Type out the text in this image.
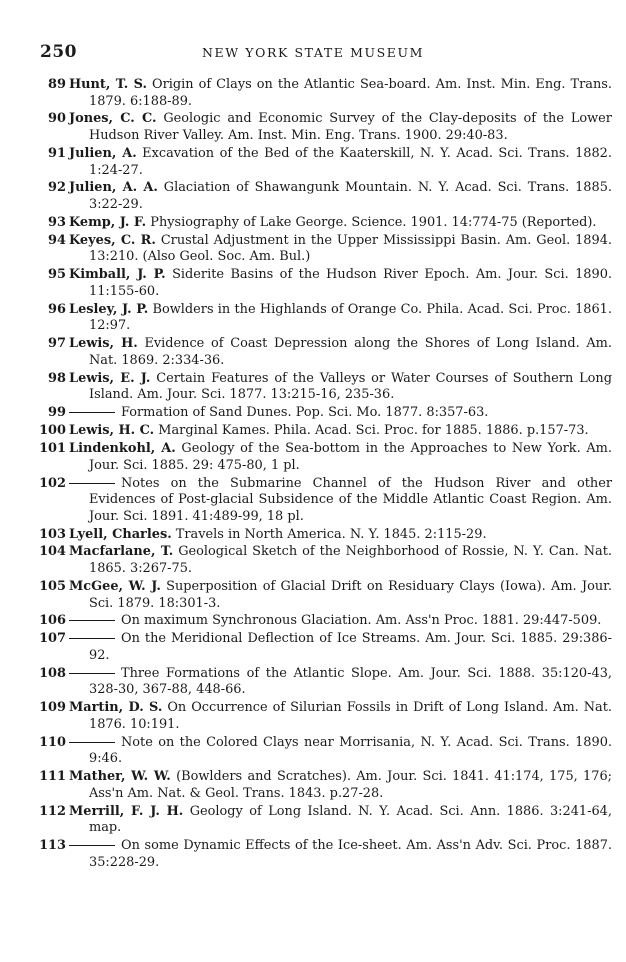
250	NEW YORK STATE MUSEUM
89 Hunt, T. S. Origin of Clays on the Atlantic Sea-board. Am. Inst. Min. Eng. Trans. 1879. 6:188-89.
90 Jones, C. C. Geologic and Economic Survey of the Clay-deposits of the Lower Hudson River Valley. Am. Inst. Min. Eng. Trans. 1900. 29:40-83.
91 Julien, A. Excavation of the Bed of the Kaaterskill, N. Y. Acad. Sci. Trans. 1882. 1:24-27.
92 Julien, A. A. Glaciation of Shawangunk Mountain. N. Y. Acad. Sci. Trans. 1885. 3:22-29.
93 Kemp, J. F. Physiography of Lake George. Science. 1901. 14:774-75 (Reported).
94 Keyes, C. R. Crustal Adjustment in the Upper Mississippi Basin. Am. Geol. 1894. 13:210. (Also Geol. Soc. Am. Bul.)
95 Kimball, J. P. Siderite Basins of the Hudson River Epoch. Am. Jour. Sci. 1890. 11:155-60.
96 Lesley, J. P. Bowlders in the Highlands of Orange Co. Phila. Acad. Sci. Proc. 1861. 12:97.
97 Lewis, H. Evidence of Coast Depression along the Shores of Long Island. Am. Nat. 1869. 2:334-36.
98 Lewis, E. J. Certain Features of the Valleys or Water Courses of Southern Long Island. Am. Jour. Sci. 1877. 13:215-16, 235-36.
99	Formation of Sand Dunes. Pop. Sci. Mo. 1877. 8:357-63.
100 Lewis, H. C. Marginal Kames. Phila. Acad. Sci. Proc. for 1885. 1886. p.157-73.
101 Lindenkohl, A. Geology of the Sea-bottom in the Approaches to New York. Am. Jour. Sci. 1885. 29: 475-80, 1 pl.
102	Notes on the Submarine Channel of the Hudson River and other Evidences of Post-glacial Subsidence of the Middle Atlantic Coast Region. Am. Jour. Sci. 1891. 41:489-99, 18 pl.
103 Lyell, Charles. Travels in North America. N. Y. 1845. 2:115-29.
104 Macfarlane, T. Geological Sketch of the Neighborhood of Rossie, N. Y. Can. Nat. 1865. 3:267-75.
105 McGee, W. J. Superposition of Glacial Drift on Residuary Clays (Iowa). Am. Jour. Sci. 1879. 18:301-3.
106	On maximum Synchronous Glaciation. Am. Ass'n Proc. 1881. 29:447-509.
107	On the Meridional Deflection of Ice Streams. Am. Jour. Sci. 1885. 29:386-92.
108	Three Formations of the Atlantic Slope. Am. Jour. Sci. 1888. 35:120-43, 328-30, 367-88, 448-66.
109 Martin, D. S. On Occurrence of Silurian Fossils in Drift of Long Island. Am. Nat. 1876. 10:191.
110	Note on the Colored Clays near Morrisania, N. Y. Acad. Sci. Trans. 1890. 9:46.
111 Mather, W. W. (Bowlders and Scratches). Am. Jour. Sci. 1841. 41:174, 175, 176; Ass'n Am. Nat. & Geol. Trans. 1843. p.27-28.
112 Merrill, F. J. H. Geology of Long Island. N. Y. Acad. Sci. Ann. 1886. 3:241-64, map.
113	On some Dynamic Effects of the Ice-sheet. Am. Ass'n Adv. Sci. Proc. 1887. 35:228-29.
